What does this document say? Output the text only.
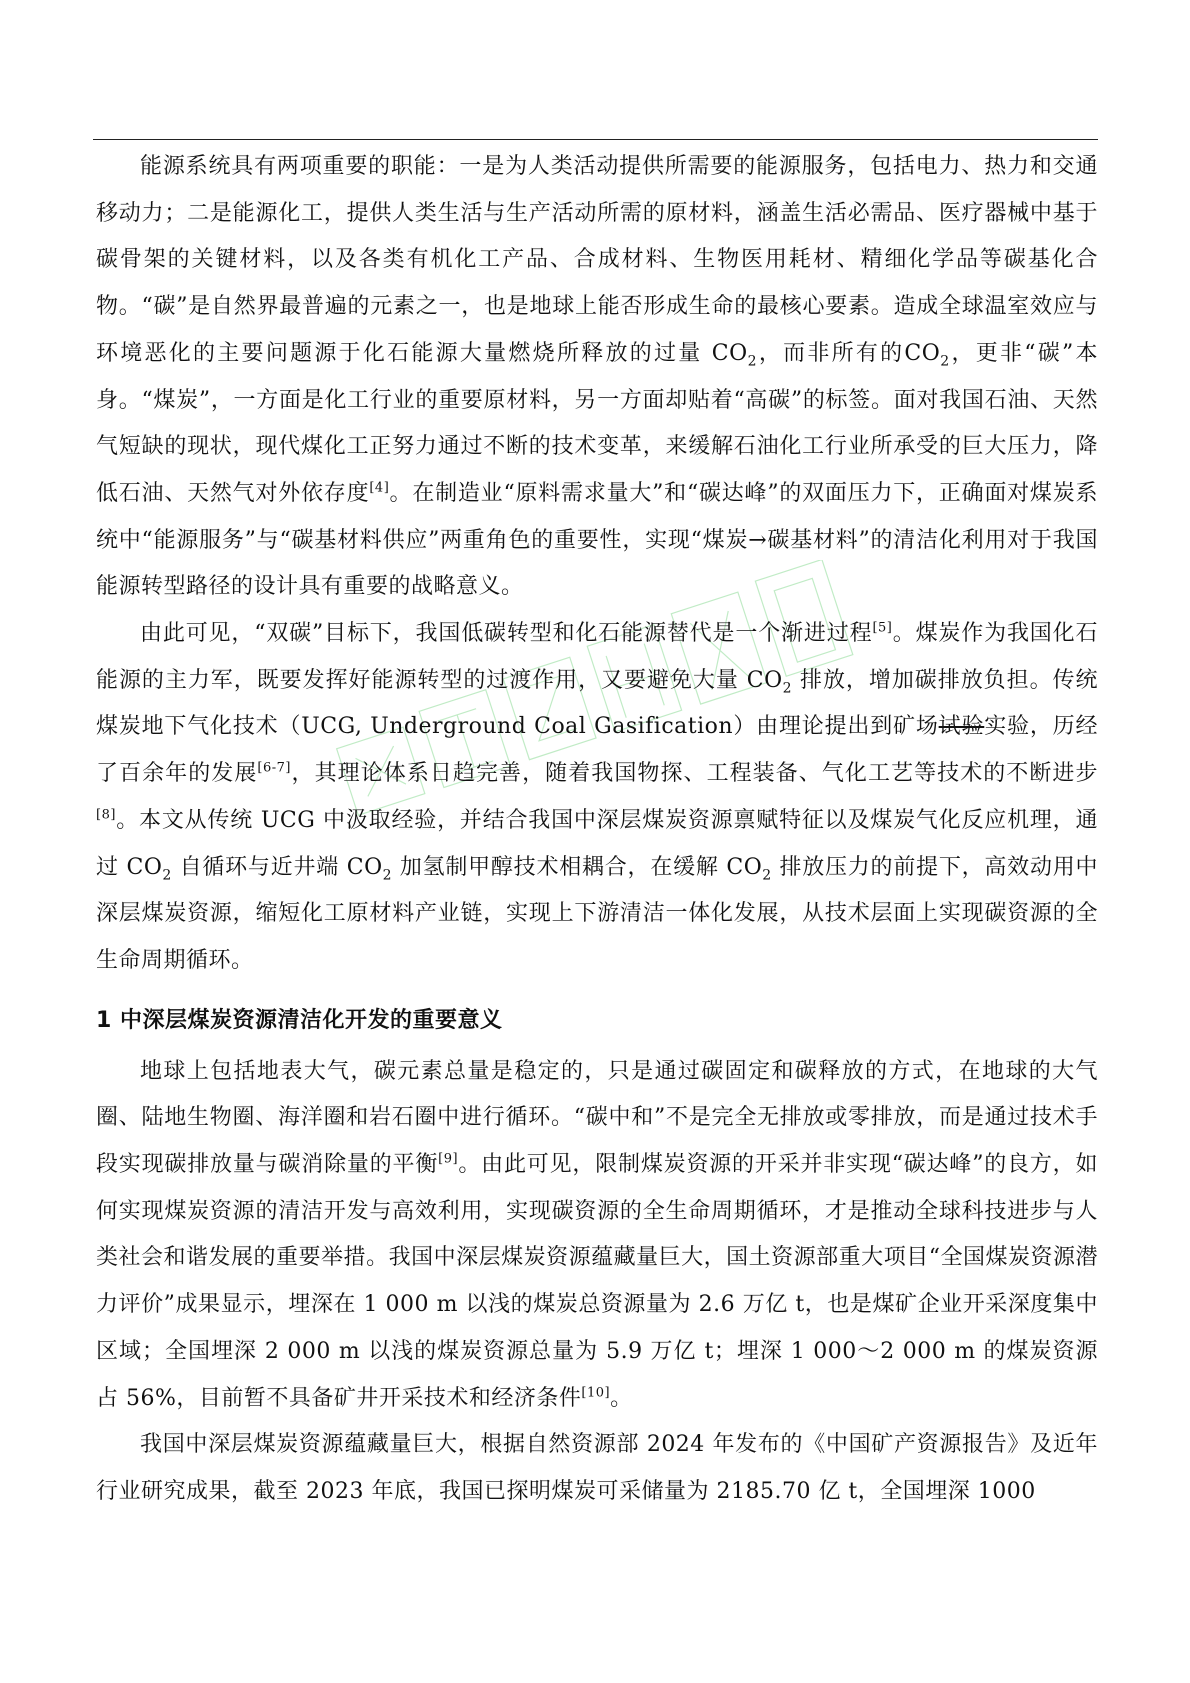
能源系统具有两项重要的职能：一是为人类活动提供所需要的能源服务，包括电力、热力和交通移动力；二是能源化工，提供人类生活与生产活动所需的原材料，涵盖生活必需品、医疗器械中基于碳骨架的关键材料，以及各类有机化工产品、合成材料、生物医用耗材、精细化学品等碳基化合物。“碳”是自然界最普遍的元素之一，也是地球上能否形成生命的最核心要素。造成全球温室效应与环境恶化的主要问题源于化石能源大量燃烧所释放的过量 $CO_2$，而非所有的$CO_2$，更非“碳”本身。“煤炭”，一方面是化工行业的重要原材料，另一方面却贴着“高碳”的标签。面对我国石油、天然气短缺的现状，现代煤化工正努力通过不断的技术变革，来缓解石油化工行业所承受的巨大压力，降低石油、天然气对外依存度[4]。在制造业“原料需求量大”和“碳达峰”的双面压力下，正确面对煤炭系统中“能源服务”与“碳基材料供应”两重角色的重要性，实现“煤炭→碳基材料”的清洁化利用对于我国能源转型路径的设计具有重要的战略意义。

由此可见，“双碳”目标下，我国低碳转型和化石能源替代是一个渐进过程[5]。煤炭作为我国化石能源的主力军，既要发挥好能源转型的过渡作用，又要避免大量 $CO_2$ 排放，增加碳排放负担。传统煤炭地下气化技术（UCG, Underground Coal Gasification）由理论提出到矿场试验实验，历经了百余年的发展[6-7]，其理论体系日趋完善，随着我国物探、工程装备、气化工艺等技术的不断进步[8]。本文从传统 UCG 中汲取经验，并结合我国中深层煤炭资源禀赋特征以及煤炭气化反应机理，通过 $CO_2$ 自循环与近井端 $CO_2$ 加氢制甲醇技术相耦合，在缓解 $CO_2$ 排放压力的前提下，高效动用中深层煤炭资源，缩短化工原材料产业链，实现上下游清洁一体化发展，从技术层面上实现碳资源的全生命周期循环。

1 中深层煤炭资源清洁化开发的重要意义

地球上包括地表大气，碳元素总量是稳定的，只是通过碳固定和碳释放的方式，在地球的大气圈、陆地生物圈、海洋圈和岩石圈中进行循环。“碳中和”不是完全无排放或零排放，而是通过技术手段实现碳排放量与碳消除量的平衡[9]。由此可见，限制煤炭资源的开采并非实现“碳达峰”的良方，如何实现煤炭资源的清洁开发与高效利用，实现碳资源的全生命周期循环，才是推动全球科技进步与人类社会和谐发展的重要举措。我国中深层煤炭资源蕴藏量巨大，国土资源部重大项目“全国煤炭资源潜力评价”成果显示，埋深在 1 000 m 以浅的煤炭总资源量为 2.6 万亿 t，也是煤矿企业开采深度集中区域；全国埋深 2 000 m 以浅的煤炭资源总量为 5.9 万亿 t；埋深 1 000～2 000 m 的煤炭资源占 56%，目前暂不具备矿井开采技术和经济条件[10]。

我国中深层煤炭资源蕴藏量巨大，根据自然资源部 2024 年发布的《中国矿产资源报告》及近年行业研究成果，截至 2023 年底，我国已探明煤炭可采储量为 2185.70 亿 t，全国埋深 1000
